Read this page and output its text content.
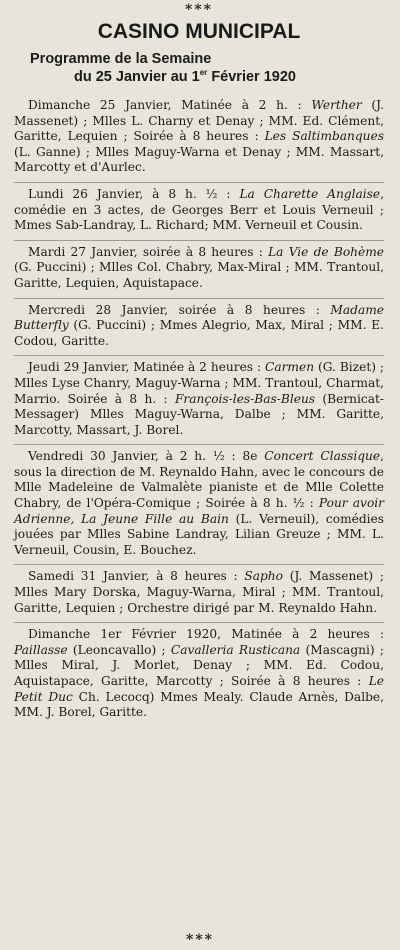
***
CASINO MUNICIPAL
Programme de la Semaine
du 25 Janvier au 1er Février 1920

Dimanche 25 Janvier, Matinée à 2 h. : Werther (J. Massenet) ; Mlles L. Charny et Denay ; MM. Ed. Clément, Garitte, Lequien ; Soirée à 8 heures : Les Saltimbanques (L. Ganne) ; Mlles Maguy-Warna et Denay ; MM. Massart, Marcotty et d'Aurlec.

Lundi 26 Janvier, à 8 h. ½ : La Charette Anglaise, comédie en 3 actes, de Georges Berr et Louis Verneuil ; Mmes Sab-Landray, L. Richard; MM. Verneuil et Cousin.

Mardi 27 Janvier, soirée à 8 heures : La Vie de Bohème (G. Puccini) ; Mlles Col. Chabry, Max-Miral ; MM. Trantoul, Garitte, Lequien, Aquistapace.

Mercredi 28 Janvier, soirée à 8 heures : Madame Butterfly (G. Puccini) ; Mmes Alegrio, Max, Miral ; MM. E. Codou, Garitte.

Jeudi 29 Janvier, Matinée à 2 heures : Carmen (G. Bizet) ; Mlles Lyse Chanry, Maguy-Warna ; MM. Trantoul, Charmat, Marrio. Soirée à 8 h. : François-les-Bas-Bleus (Bernicat-Messager) Mlles Maguy-Warna, Dalbe ; MM. Garitte, Marcotty, Massart, J. Borel.

Vendredi 30 Janvier, à 2 h. ½ : 8e Concert Classique, sous la direction de M. Reynaldo Hahn, avec le concours de Mlle Madeleine de Valmalète pianiste et de Mlle Colette Chabry, de l'Opéra-Comique ; Soirée à 8 h. ½ : Pour avoir Adrienne, La Jeune Fille au Bain (L. Verneuil), comédies jouées par Mlles Sabine Landray, Lilian Greuze ; MM. L. Verneuil, Cousin, E. Bouchez.

Samedi 31 Janvier, à 8 heures : Sapho (J. Massenet) ; Mlles Mary Dorska, Maguy-Warna, Miral ; MM. Trantoul, Garitte, Lequien ; Orchestre dirigé par M. Reynaldo Hahn.

Dimanche 1er Février 1920, Matinée à 2 heures : Paillasse (Leoncavallo) ; Cavalleria Rusticana (Mascagni) ; Mlles Miral, J. Morlet, Denay ; MM. Ed. Codou, Aquistapace, Garitte, Marcotty ; Soirée à 8 heures : Le Petit Duc Ch. Lecocq) Mmes Mealy. Claude Arnès, Dalbe, MM. J. Borel, Garitte.

***
